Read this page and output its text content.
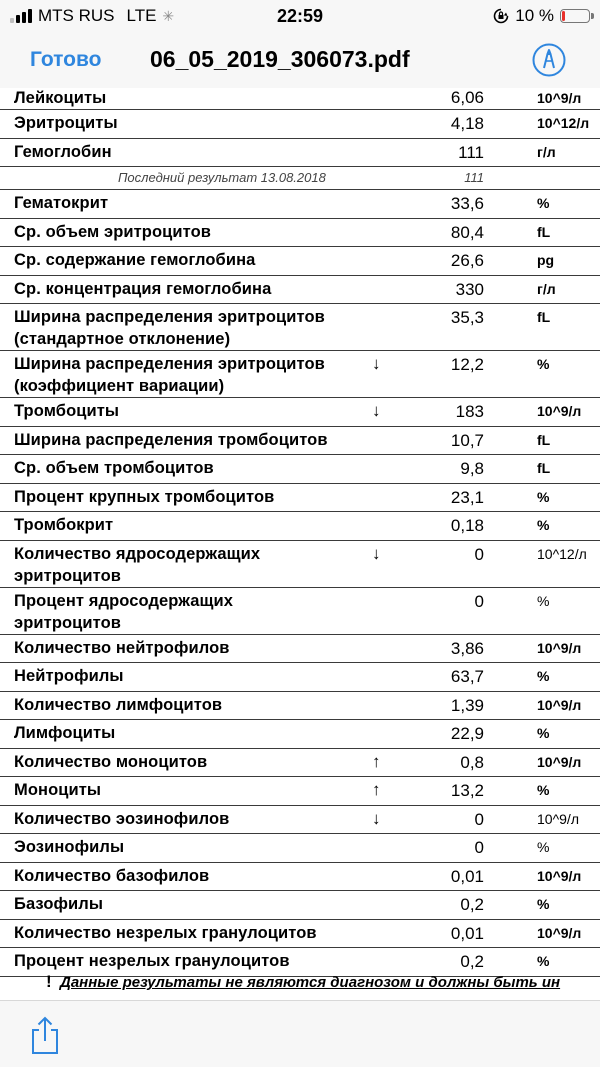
MTS RUS LTE ✳	22:59	10 %
Готово 06_05_2019_306073.pdf
Лейкоциты	6,06	10^9/л
Эритроциты	4,18	10^12/л
Гемоглобин	111	г/л
Последний результат 13.08.2018	111
Гематокрит	33,6	%
Ср. объем эритроцитов	80,4	fL
Ср. содержание гемоглобина	26,6	pg
Ср. концентрация гемоглобина	330	г/л
Ширина распределения эритроцитов
(стандартное отклонение)
35,3	fL
Ширина распределения эритроцитов
(коэффициент вариации)
↓	12,2	%
Тромбоциты	↓	183	10^9/л
Ширина распределения тромбоцитов	10,7	fL
Ср. объем тромбоцитов	9,8	fL
Процент крупных тромбоцитов	23,1	%
Тромбокрит	0,18	%
Количество ядросодержащих
эритроцитов
↓	0	10^12/л
Процент ядросодержащих
эритроцитов
0	%
Количество нейтрофилов	3,86	10^9/л
Нейтрофилы	63,7	%
Количество лимфоцитов	1,39	10^9/л
Лимфоциты	22,9	%
Количество моноцитов	↑	0,8	10^9/л
Моноциты	↑	13,2	%
Количество эозинофилов	↓	0	10^9/л
Эозинофилы	0	%
Количество базофилов	0,01	10^9/л
Базофилы	0,2	%
Количество незрелых гранулоцитов	0,01	10^9/л
Процент незрелых гранулоцитов	0,2	%
! Данные результаты не являются диагнозом и должны быть ин
